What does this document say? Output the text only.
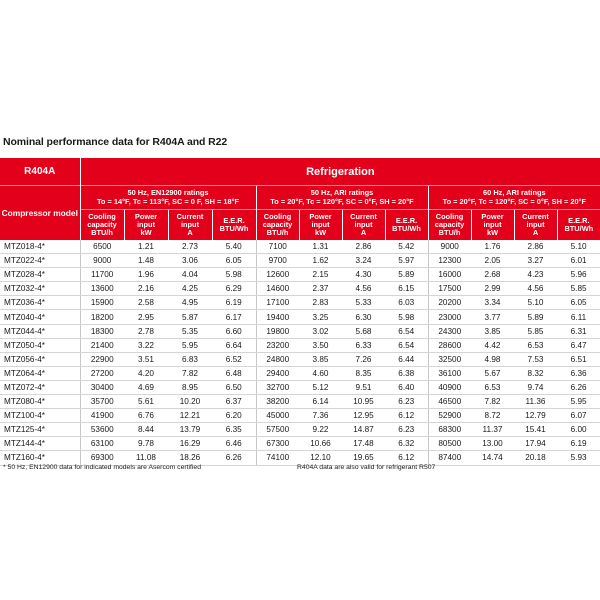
Nominal performance data for R404A and R22
R404A	Refrigeration											
Compressor model	50 Hz, EN12900 ratings
To = 14°F, Tc = 113°F, SC = 0 F, SH = 18°F				50 Hz, ARI ratings
To = 20°F, Tc = 120°F, SC = 0°F, SH = 20°F				60 Hz, ARI ratings
To = 20°F, Tc = 120°F, SC = 0°F, SH = 20°F			
	Cooling
capacity
BTU/h	Power
input
kW	Current
input
A	E.E.R.
BTU/Wh	Cooling
capacity
BTU/h	Power
input
kW	Current
input
A	E.E.R.
BTU/Wh	Cooling
capacity
BTU/h	Power
input
kW	Current
input
A	E.E.R.
BTU/Wh
MTZ018-4*	6500	1.21	2.73	5.40	7100	1.31	2.86	5.42	9000	1.76	2.86	5.10
MTZ022-4*	9000	1.48	3.06	6.05	9700	1.62	3.24	5.97	12300	2.05	3.27	6.01
MTZ028-4*	11700	1.96	4.04	5.98	12600	2.15	4.30	5.89	16000	2.68	4.23	5.96
MTZ032-4*	13600	2.16	4.25	6.29	14600	2.37	4.56	6.15	17500	2.99	4.56	5.85
MTZ036-4*	15900	2.58	4.95	6.19	17100	2.83	5.33	6.03	20200	3.34	5.10	6.05
MTZ040-4*	18200	2.95	5.87	6.17	19400	3.25	6.30	5.98	23000	3.77	5.89	6.11
MTZ044-4*	18300	2.78	5.35	6.60	19800	3.02	5.68	6.54	24300	3.85	5.85	6.31
MTZ050-4*	21400	3.22	5.95	6.64	23200	3.50	6.33	6.54	28600	4.42	6.53	6.47
MTZ056-4*	22900	3.51	6.83	6.52	24800	3.85	7.26	6.44	32500	4.98	7.53	6.51
MTZ064-4*	27200	4.20	7.82	6.48	29400	4.60	8.35	6.38	36100	5.67	8.32	6.36
MTZ072-4*	30400	4.69	8.95	6.50	32700	5.12	9.51	6.40	40900	6.53	9.74	6.26
MTZ080-4*	35700	5.61	10.20	6.37	38200	6.14	10.95	6.23	46500	7.82	11.36	5.95
MTZ100-4*	41900	6.76	12.21	6.20	45000	7.36	12.95	6.12	52900	8.72	12.79	6.07
MTZ125-4*	53600	8.44	13.79	6.35	57500	9.22	14.87	6.23	68300	11.37	15.41	6.00
MTZ144-4*	63100	9.78	16.29	6.46	67300	10.66	17.48	6.32	80500	13.00	17.94	6.19
MTZ160-4*	69300	11.08	18.26	6.26	74100	12.10	19.65	6.12	87400	14.74	20.18	5.93
* 50 Hz, EN12900 data for indicated models are Asercom certified	R404A data are also valid for refrigerant R507
